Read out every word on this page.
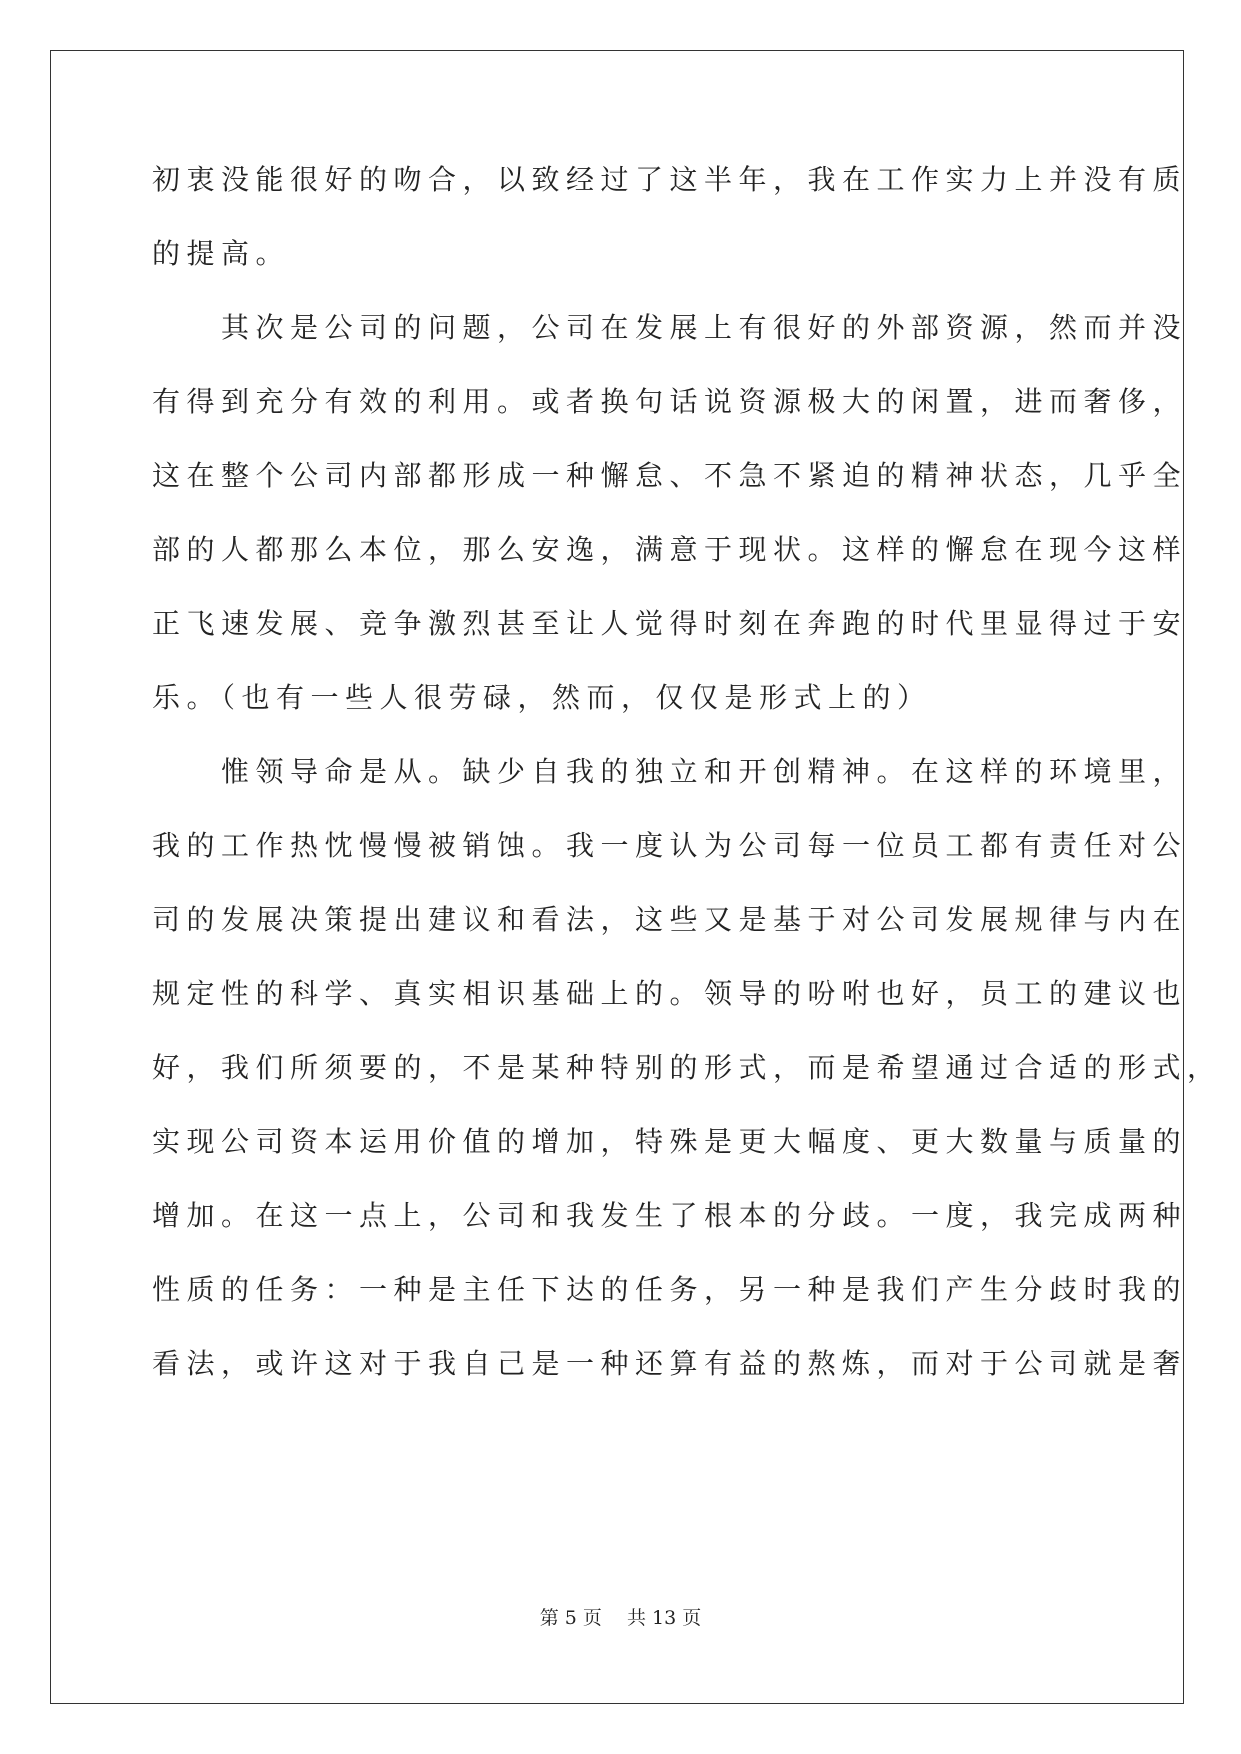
初衷没能很好的吻合，以致经过了这半年，我在工作实力上并没有质
的提高。
　　其次是公司的问题，公司在发展上有很好的外部资源，然而并没
有得到充分有效的利用。或者换句话说资源极大的闲置，进而奢侈，
这在整个公司内部都形成一种懈怠、不急不紧迫的精神状态，几乎全
部的人都那么本位，那么安逸，满意于现状。这样的懈怠在现今这样
正飞速发展、竞争激烈甚至让人觉得时刻在奔跑的时代里显得过于安
乐。（也有一些人很劳碌，然而，仅仅是形式上的）
　　惟领导命是从。缺少自我的独立和开创精神。在这样的环境里，
我的工作热忱慢慢被销蚀。我一度认为公司每一位员工都有责任对公
司的发展决策提出建议和看法，这些又是基于对公司发展规律与内在
规定性的科学、真实相识基础上的。领导的吩咐也好，员工的建议也
好，我们所须要的，不是某种特别的形式，而是希望通过合适的形式，
实现公司资本运用价值的增加，特殊是更大幅度、更大数量与质量的
增加。在这一点上，公司和我发生了根本的分歧。一度，我完成两种
性质的任务：一种是主任下达的任务，另一种是我们产生分歧时我的
看法，或许这对于我自己是一种还算有益的熬炼，而对于公司就是奢
第 5 页　 共 13 页
